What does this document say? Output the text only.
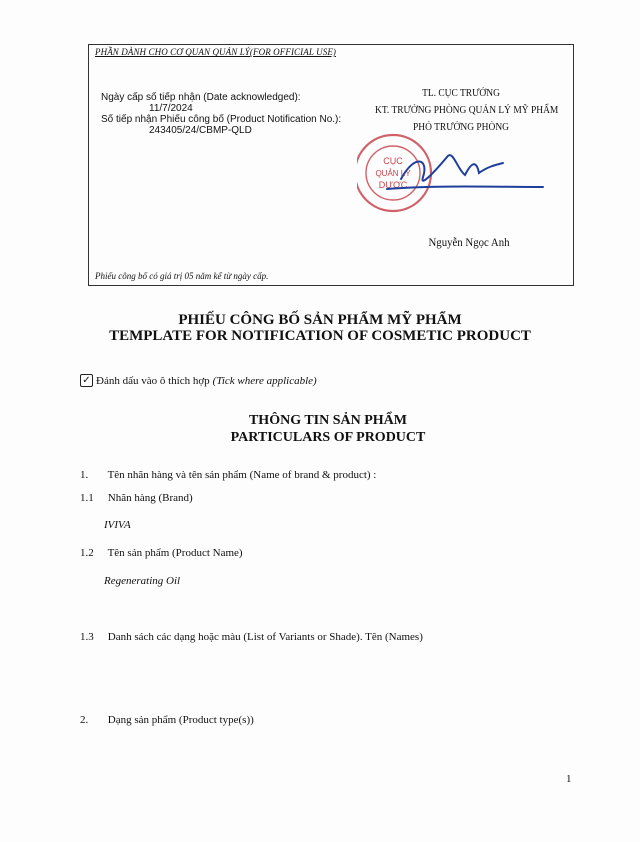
PHẦN DÀNH CHO CƠ QUAN QUẢN LÝ(FOR OFFICIAL USE)
Ngày cấp số tiếp nhận (Date acknowledged):
11/7/2024
Số tiếp nhận Phiếu công bố (Product Notification No.):
243405/24/CBMP-QLD
TL. CỤC TRƯỞNG
KT. TRƯỞNG PHÒNG QUẢN LÝ MỸ PHẨM
PHÓ TRƯỞNG PHÒNG
CỤC
QUẢN LÝ
DƯỢC
Nguyễn Ngọc Anh
Phiếu công bố có giá trị 05 năm kể từ ngày cấp.
PHIẾU CÔNG BỐ SẢN PHẨM MỸ PHẨM
TEMPLATE FOR NOTIFICATION OF COSMETIC PRODUCT
✓ Đánh dấu vào ô thích hợp (Tick where applicable)
THÔNG TIN SẢN PHẨM
PARTICULARS OF PRODUCT
1. Tên nhãn hàng và tên sản phẩm (Name of brand & product) :
1.1 Nhãn hàng (Brand)
IVIVA
1.2 Tên sản phẩm (Product Name)
Regenerating Oil
1.3 Danh sách các dạng hoặc màu (List of Variants or Shade). Tên (Names)
2. Dạng sản phẩm (Product type(s))
1
